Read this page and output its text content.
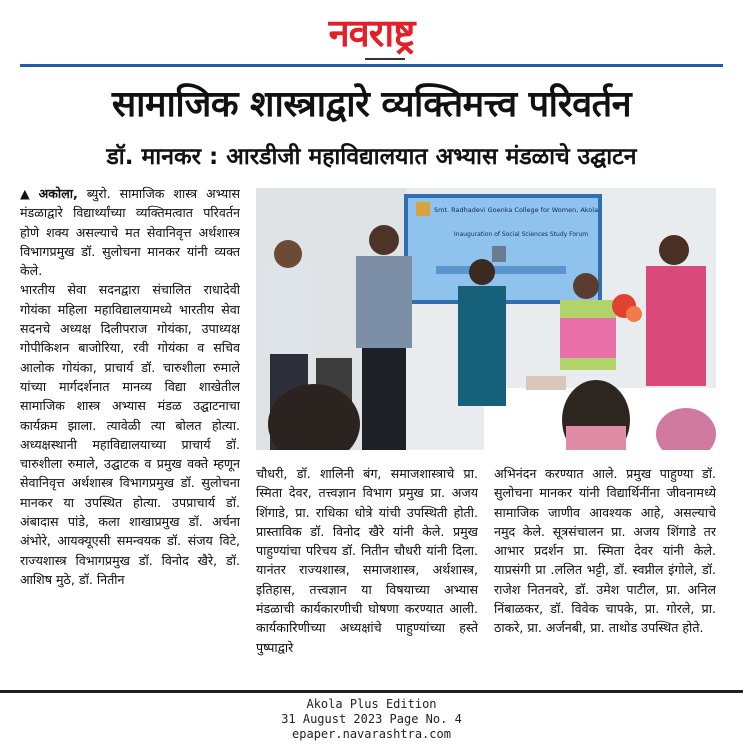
नवराष्ट्र
सामाजिक शास्त्राद्वारे व्यक्तिमत्त्व परिवर्तन
डॉ. मानकर : आरडीजी महाविद्यालयात अभ्यास मंडळाचे उद्घाटन

▲ अकोला, ब्युरो. सामाजिक शास्त्र अभ्यास मंडळाद्वारे विद्यार्थ्यांच्या व्यक्तिमत्वात परिवर्तन होणे शक्य असल्याचे मत सेवानिवृत्त अर्थशास्त्र विभागप्रमुख डॉ. सुलोचना मानकर यांनी व्यक्त केले.

भारतीय सेवा सदनद्वारा संचालित राधादेवी गोयंका महिला महाविद्यालयामध्ये भारतीय सेवा सदनचे अध्यक्ष दिलीपराज गोयंका, उपाध्यक्ष गोपीकिशन बाजोरिया, रवी गोयंका व सचिव आलोक गोयंका, प्राचार्य डॉ. चारुशीला रुमाले यांच्या मार्गदर्शनात मानव्य विद्या शाखेतील सामाजिक शास्त्र अभ्यास मंडळ उद्घाटनाचा कार्यक्रम झाला. त्यावेळी त्या बोलत होत्या. अध्यक्षस्थानी महाविद्यालयाच्या प्राचार्य डॉ. चारुशीला रुमाले, उद्घाटक व प्रमुख वक्ते म्हणून सेवानिवृत्त अर्थशास्त्र विभागप्रमुख डॉ. सुलोचना मानकर या उपस्थित होत्या. उपप्राचार्य डॉ. अंबादास पांडे, कला शाखाप्रमुख डॉ. अर्चना अंभोरे, आयक्यूएसी समन्वयक डॉ. संजय विटे, राज्यशास्त्र विभागप्रमुख डॉ. विनोद खैरे, डॉ. आशिष मुठे, डॉ. नितीन

Smt. Radhadevi Goenka College for Women, Akola
Inauguration of Social Sciences Study Forum

चौधरी, डॉ. शालिनी बंग, समाजशास्त्राचे प्रा. स्मिता देवर, तत्त्वज्ञान विभाग प्रमुख प्रा. अजय शिंगाडे, प्रा. राधिका धोत्रे यांची उपस्थिती होती. प्रास्ताविक डॉ. विनोद खैरे यांनी केले. प्रमुख पाहुण्यांचा परिचय डॉ. नितीन चौधरी यांनी दिला. यानंतर राज्यशास्त्र, समाजशास्त्र, अर्थशास्त्र, इतिहास, तत्त्वज्ञान या विषयाच्या अभ्यास मंडळाची कार्यकारणीची घोषणा करण्यात आली. कार्यकारिणीच्या अध्यक्षांचे पाहुण्यांच्या हस्ते पुष्पाद्वारे

अभिनंदन करण्यात आले. प्रमुख पाहुण्या डॉ. सुलोचना मानकर यांनी विद्यार्थिनींना जीवनामध्ये सामाजिक जाणीव आवश्यक आहे, असल्याचे नमुद केले. सूत्रसंचालन प्रा. अजय शिंगाडे तर आभार प्रदर्शन प्रा. स्मिता देवर यांनी केले. याप्रसंगी प्रा .ललित भट्टी, डॉ. स्वप्नील इंगोले, डॉ. राजेश नितनवरे, डॉ. उमेश पाटील, प्रा. अनिल निंबाळकर, डॉ. विवेक चापके, प्रा. गोरले, प्रा. ठाकरे, प्रा. अर्जनबी, प्रा. ताथोड उपस्थित होते.

Akola Plus Edition
31 August 2023 Page No. 4
epaper.navarashtra.com
